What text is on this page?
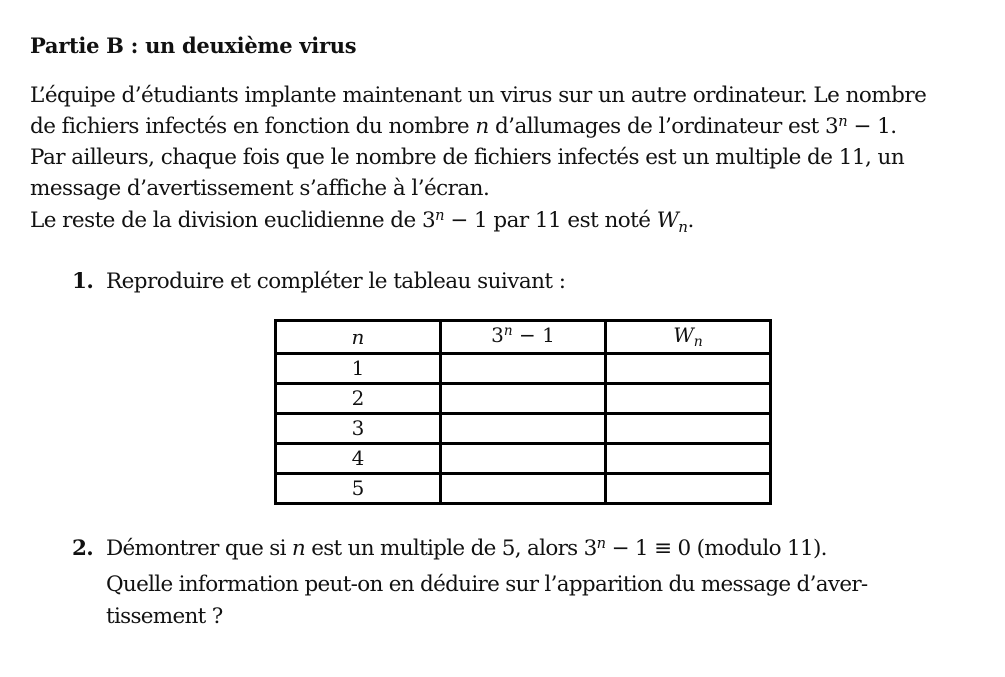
Partie B : un deuxième virus
L’équipe d’étudiants implante maintenant un virus sur un autre ordinateur. Le nombre
de fichiers infectés en fonction du nombre n d’allumages de l’ordinateur est $3^n - 1$.
Par ailleurs, chaque fois que le nombre de fichiers infectés est un multiple de 11, un
message d’avertissement s’affiche à l’écran.
Le reste de la division euclidienne de $3^n - 1$ par 11 est noté $W_n$.
1. Reproduire et compléter le tableau suivant :
n	$3^n - 1$	$W_n$
1		
2		
3		
4		
5		
2. Démontrer que si n est un multiple de 5, alors $3^n - 1 \equiv 0$ (modulo 11).
Quelle information peut-on en déduire sur l’apparition du message d’aver-
tissement ?
